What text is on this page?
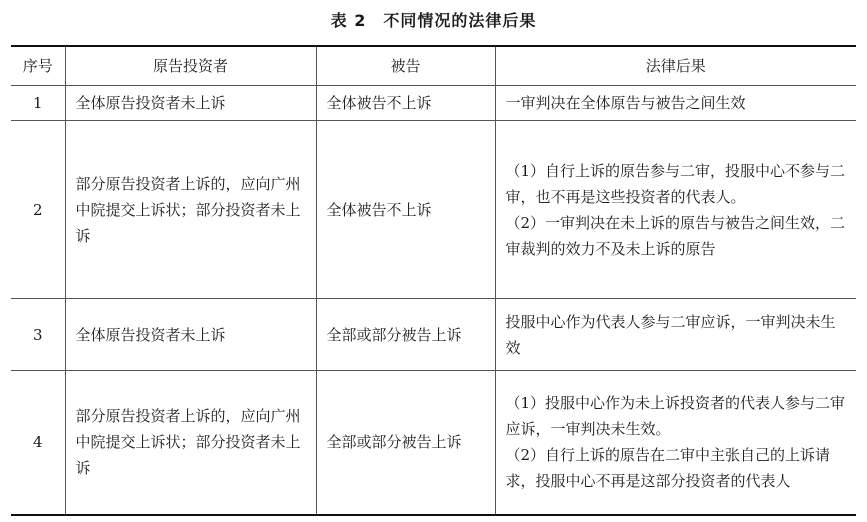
表 2　不同情况的法律后果
序号	原告投资者	被告	法律后果
1	全体原告投资者未上诉	全体被告不上诉	一审判决在全体原告与被告之间生效

2	部分原告投资者上诉的，应向广州中院提交上诉状；部分投资者未上诉	全体被告不上诉	（1）自行上诉的原告参与二审，投服中心不参与二审，也不再是这些投资者的代表人。
（2）一审判决在未上诉的原告与被告之间生效，二审裁判的效力不及未上诉的原告

3	全体原告投资者未上诉	全部或部分被告上诉	投服中心作为代表人参与二审应诉，一审判决未生效

4	部分原告投资者上诉的，应向广州中院提交上诉状；部分投资者未上诉	全部或部分被告上诉	（1）投服中心作为未上诉投资者的代表人参与二审应诉，一审判决未生效。
（2）自行上诉的原告在二审中主张自己的上诉请求，投服中心不再是这部分投资者的代表人
